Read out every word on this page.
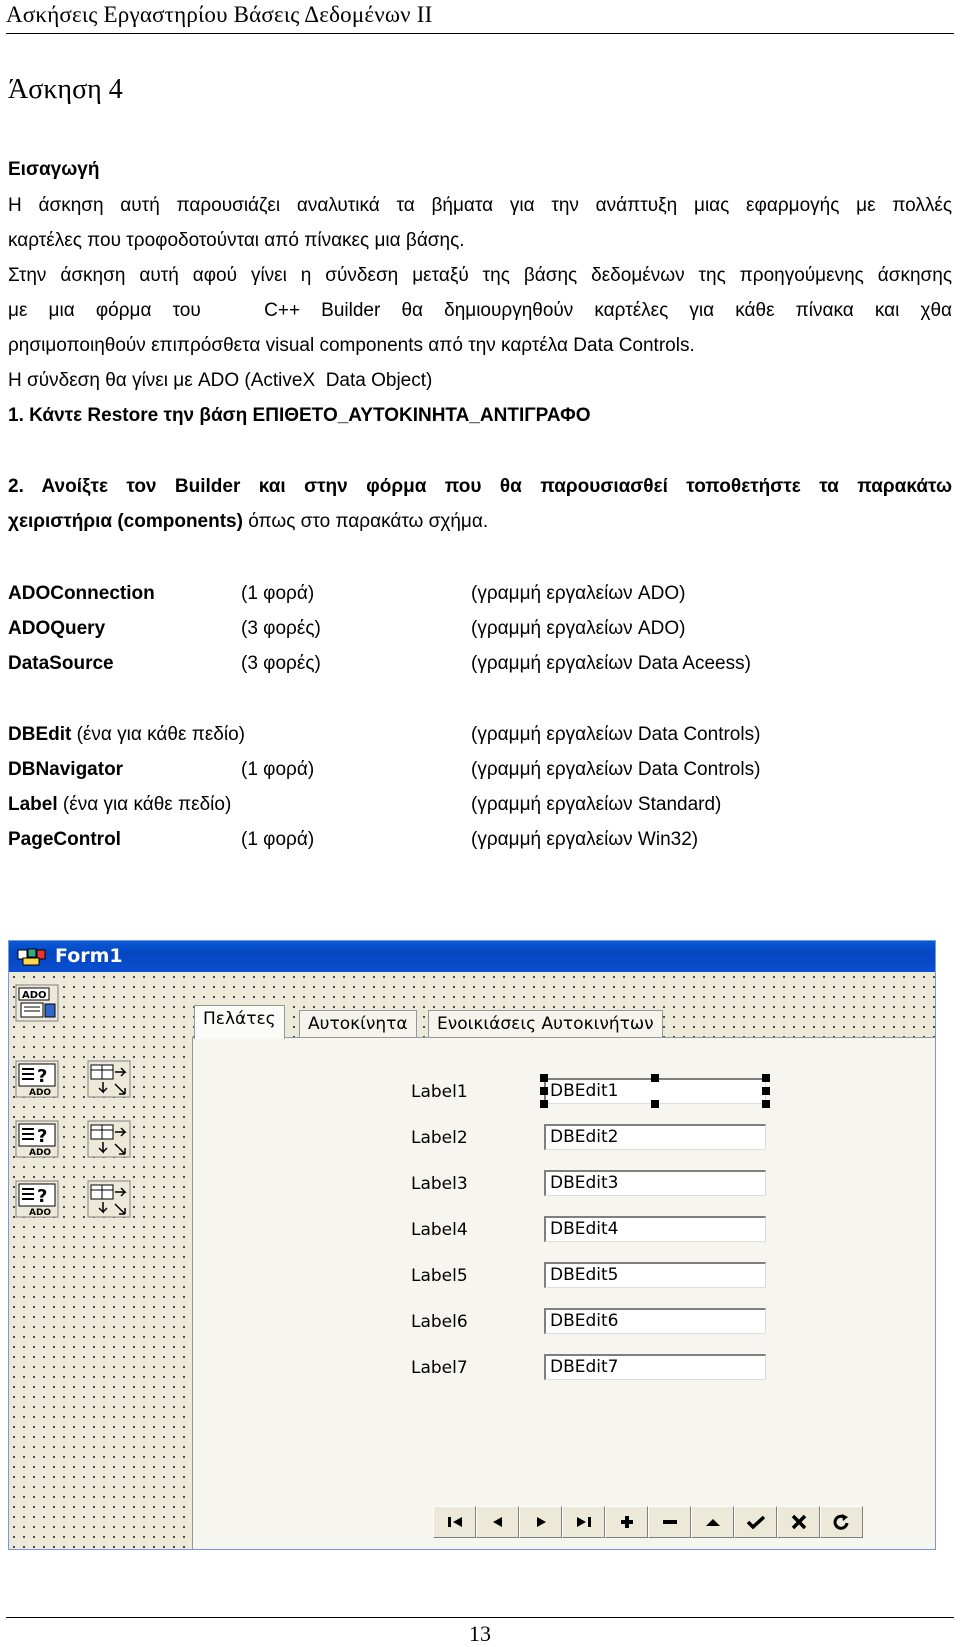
Ασκήσεις Εργαστηρίου Βάσεις Δεδομένων ΙΙ
Άσκηση 4
Εισαγωγή
Η άσκηση αυτή παρουσιάζει αναλυτικά τα βήματα για την ανάπτυξη μιας εφαρμογής με πολλές
καρτέλες που τροφοδοτούνται από πίνακες μια βάσης.
Στην άσκηση αυτή αφού γίνει η σύνδεση μεταξύ της βάσης δεδομένων της προηγούμενης άσκησης
με μια φόρμα του   C++ Builder θα δημιουργηθούν καρτέλες για κάθε πίνακα και χθα
ρησιμοποιηθούν επιπρόσθετα visual components από την καρτέλα Data Controls.
Η σύνδεση θα γίνει με ADO (ActiveX  Data Object)
1. Κάντε Restore την βάση ΕΠΙΘΕΤΟ_ΑΥΤΟΚΙΝΗΤΑ_ΑΝΤΙΓΡΑΦΟ
2. Ανοίξτε τον Builder και στην φόρμα που θα παρουσιασθεί τοποθετήστε τα παρακάτω
χειριστήρια (components) όπως στο παρακάτω σχήμα.
ADOConnection	(1 φορά)	(γραμμή εργαλείων ADO)
ADOQuery	(3 φορές)	(γραμμή εργαλείων ADO)
DataSource	(3 φορές)	(γραμμή εργαλείων Data Aceess)
DBEdit (ένα για κάθε πεδίο)	(γραμμή εργαλείων Data Controls)
DBNavigator	(1 φορά)	(γραμμή εργαλείων Data Controls)
Label (ένα για κάθε πεδίο)	(γραμμή εργαλείων Standard)
PageControl	(1 φορά)	(γραμμή εργαλείων Win32)
Form1
ADO
?
ADO
?
ADO
?
ADO
Πελάτες	Αυτοκίνητα	Ενοικιάσεις Αυτοκινήτων
Label1
Label2
Label3
Label4
Label5
Label6
Label7
DBEdit1
DBEdit2
DBEdit3
DBEdit4
DBEdit5
DBEdit6
DBEdit7
13
